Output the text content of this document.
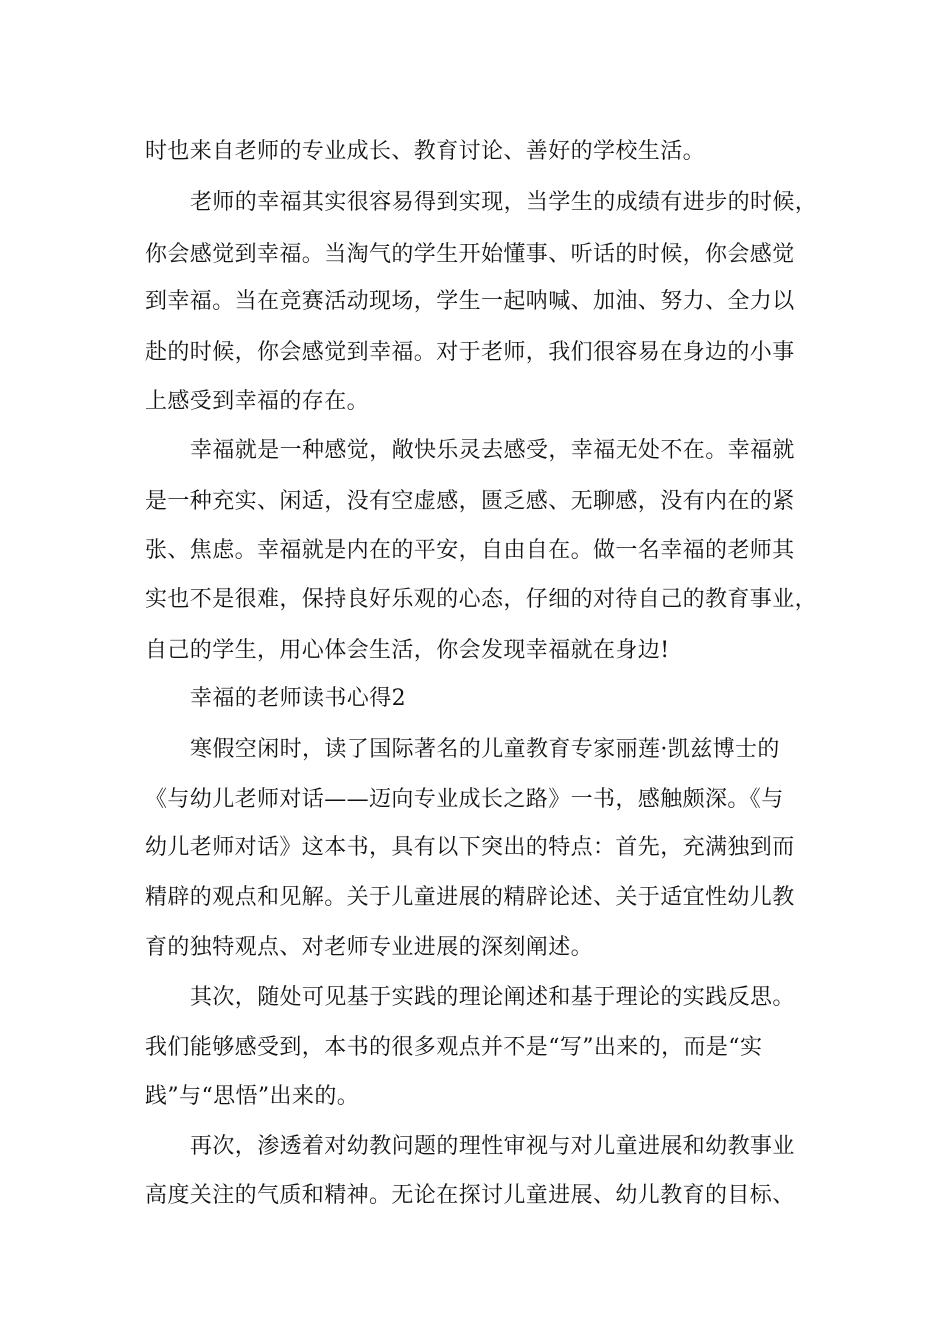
时也来自老师的专业成长、教育讨论、善好的学校生活。
老师的幸福其实很容易得到实现，当学生的成绩有进步的时候，
你会感觉到幸福。当淘气的学生开始懂事、听话的时候，你会感觉
到幸福。当在竞赛活动现场，学生一起呐喊、加油、努力、全力以
赴的时候，你会感觉到幸福。对于老师，我们很容易在身边的小事
上感受到幸福的存在。
幸福就是一种感觉，敞快乐灵去感受，幸福无处不在。幸福就
是一种充实、闲适，没有空虚感，匮乏感、无聊感，没有内在的紧
张、焦虑。幸福就是内在的平安，自由自在。做一名幸福的老师其
实也不是很难，保持良好乐观的心态，仔细的对待自己的教育事业，
自己的学生，用心体会生活，你会发现幸福就在身边!
幸福的老师读书心得2
寒假空闲时，读了国际著名的儿童教育专家丽莲·凯兹博士的
《与幼儿老师对话——迈向专业成长之路》一书，感触颇深。《与
幼儿老师对话》这本书，具有以下突出的特点：首先，充满独到而
精辟的观点和见解。关于儿童进展的精辟论述、关于适宜性幼儿教
育的独特观点、对老师专业进展的深刻阐述。
其次，随处可见基于实践的理论阐述和基于理论的实践反思。
我们能够感受到，本书的很多观点并不是“写”出来的，而是“实
践”与“思悟”出来的。
再次，渗透着对幼教问题的理性审视与对儿童进展和幼教事业
高度关注的气质和精神。无论在探讨儿童进展、幼儿教育的目标、
